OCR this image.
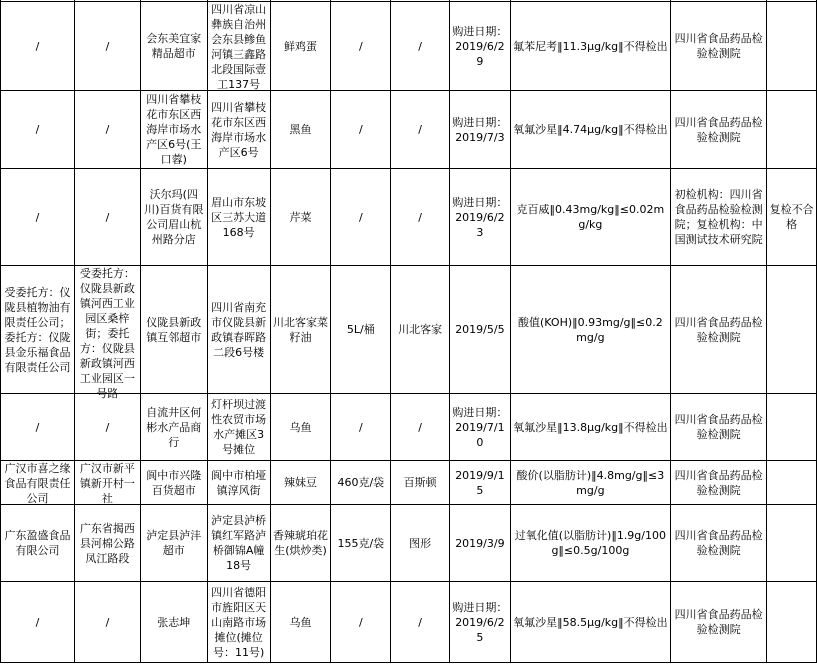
/	/	会东美宜家精品超市	四川省凉山彝族自治州会东县鲹鱼河镇三鑫路北段国际壹工137号	鲜鸡蛋	/	/	购进日期：2019/6/29	氟苯尼考‖11.3μg/kg‖不得检出	四川省食品药品检验检测院	

/	/	四川省攀枝花市东区西海岸市场水产区6号(王口蓉)	四川省攀枝花市东区西海岸市场水产区6号	黑鱼	/	/	购进日期：2019/7/3	氧氟沙星‖4.74μg/kg‖不得检出	四川省食品药品检验检测院	

/	/	沃尔玛(四川)百货有限公司眉山杭州路分店	眉山市东坡区三苏大道168号	芹菜	/	/	购进日期：2019/6/23	克百威‖0.43mg/kg‖≤0.02mg/kg	初检机构：四川省食品药品检验检测院；复检机构：中国测试技术研究院	复检不合格

受委托方：仪陇县植物油有限责任公司；委托方：仪陇县金乐福食品有限责任公司	受委托方：仪陇县新政镇河西工业园区桑梓街；委托方：仪陇县新政镇河西工业园区一号路	仪陇县新政镇互邻超市	四川省南充市仪陇县新政镇春晖路二段6号楼	川北客家菜籽油	5L/桶	川北客家	2019/5/5	酸值(KOH)‖0.93mg/g‖≤0.2mg/g	四川省食品药品检验检测院	

/	/	自流井区何彬水产品商行	灯杆坝过渡性农贸市场水产摊区3号摊位	乌鱼	/	/	购进日期：2019/7/10	氧氟沙星‖13.8μg/kg‖不得检出	四川省食品药品检验检测院	

广汉市喜之缘食品有限责任公司	广汉市新平镇新开村一社	阆中市兴隆百货超市	阆中市柏垭镇淳风街	辣妹豆	460克/袋	百斯顿	2019/9/15	酸价(以脂肪计)‖4.8mg/g‖≤3mg/g	四川省食品药品检验检测院	

广东盈盛食品有限公司	广东省揭西县河棉公路凤江路段	泸定县泸沣超市	泸定县泸桥镇红军路泸桥御锦A幢18号	香辣琥珀花生(烘炒类)	155克/袋	图形	2019/3/9	过氧化值(以脂肪计)‖1.9g/100g‖≤0.5g/100g	四川省食品药品检验检测院	

/	/	张志坤	四川省德阳市旌阳区天山南路市场摊位(摊位号：11号)	乌鱼	/	/	购进日期：2019/6/25	氧氟沙星‖58.5μg/kg‖不得检出	四川省食品药品检验检测院	
